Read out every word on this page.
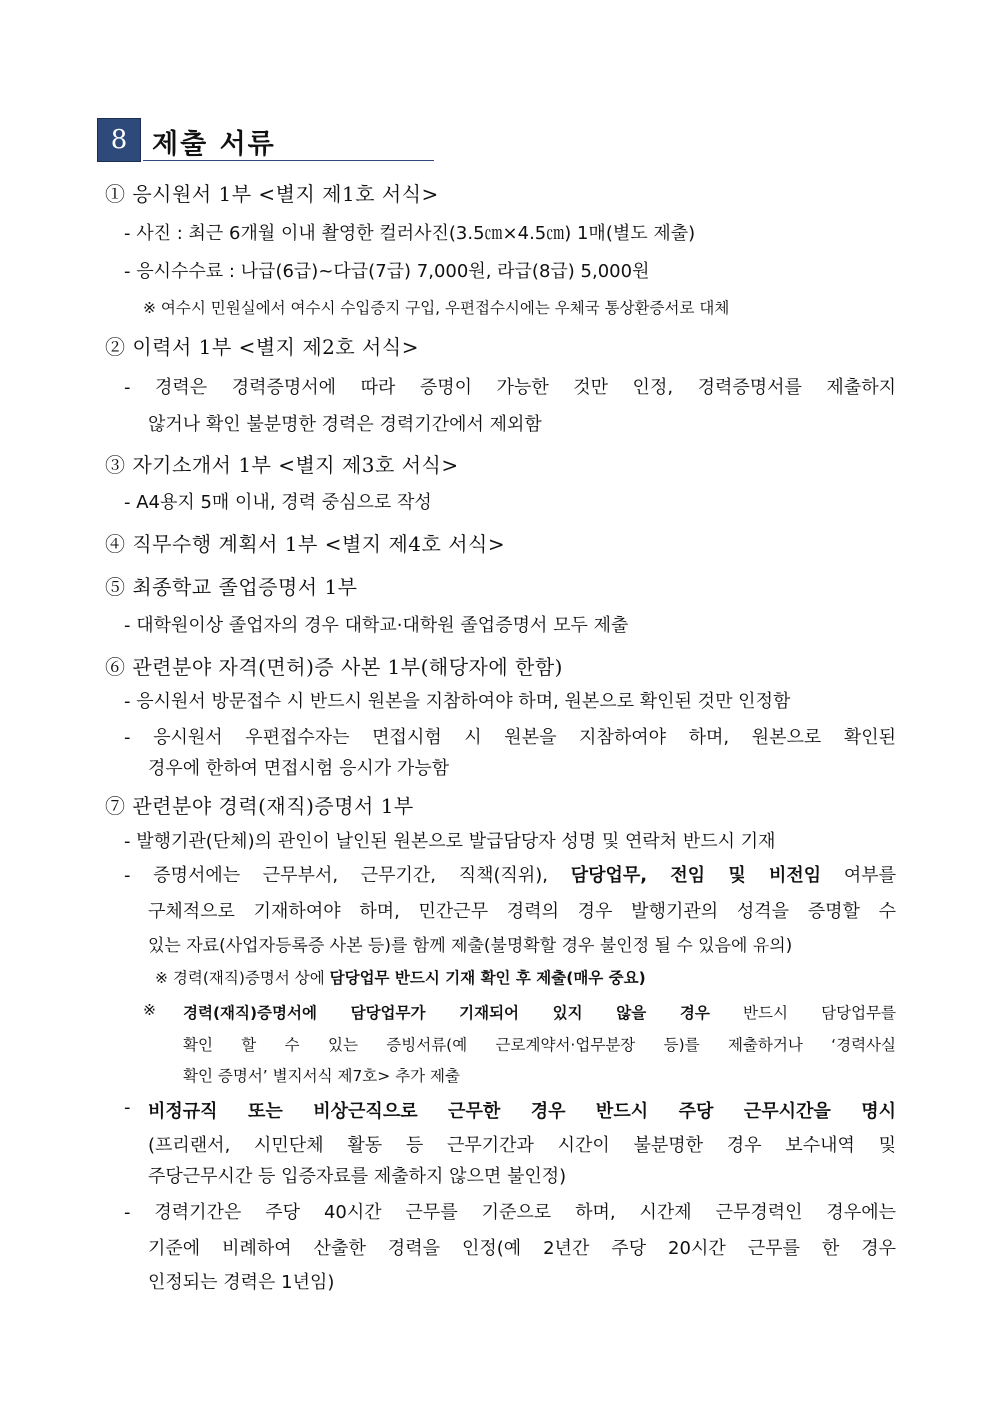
8 제출 서류
① 응시원서 1부 <별지 제1호 서식>
- 사진 : 최근 6개월 이내 촬영한 컬러사진(3.5㎝×4.5㎝) 1매(별도 제출)
- 응시수수료 : 나급(6급)~다급(7급) 7,000원, 라급(8급) 5,000원
※ 여수시 민원실에서 여수시 수입증지 구입, 우편접수시에는 우체국 통상환증서로 대체
② 이력서 1부 <별지 제2호 서식>
- 경력은 경력증명서에 따라 증명이 가능한 것만 인정, 경력증명서를 제출하지
않거나 확인 불분명한 경력은 경력기간에서 제외함
③ 자기소개서 1부 <별지 제3호 서식>
- A4용지 5매 이내, 경력 중심으로 작성
④ 직무수행 계획서 1부 <별지 제4호 서식>
⑤ 최종학교 졸업증명서 1부
- 대학원이상 졸업자의 경우 대학교·대학원 졸업증명서 모두 제출
⑥ 관련분야 자격(면허)증 사본 1부(해당자에 한함)
- 응시원서 방문접수 시 반드시 원본을 지참하여야 하며, 원본으로 확인된 것만 인정함
- 응시원서 우편접수자는 면접시험 시 원본을 지참하여야 하며, 원본으로 확인된
경우에 한하여 면접시험 응시가 가능함
⑦ 관련분야 경력(재직)증명서 1부
- 발행기관(단체)의 관인이 날인된 원본으로 발급담당자 성명 및 연락처 반드시 기재
- 증명서에는 근무부서, 근무기간, 직책(직위), 담당업무, 전임 및 비전임 여부를
구체적으로 기재하여야 하며, 민간근무 경력의 경우 발행기관의 성격을 증명할 수
있는 자료(사업자등록증 사본 등)를 함께 제출(불명확할 경우 불인정 될 수 있음에 유의)
※ 경력(재직)증명서 상에 담당업무 반드시 기재 확인 후 제출(매우 중요)
※ 경력(재직)증명서에 담당업무가 기재되어 있지 않을 경우 반드시 담당업무를
확인 할 수 있는 증빙서류(예 근로계약서·업무분장 등)를 제출하거나 ‘경력사실
확인 증명서’ 별지서식 제7호> 추가 제출
- 비정규직 또는 비상근직으로 근무한 경우 반드시 주당 근무시간을 명시
(프리랜서, 시민단체 활동 등 근무기간과 시간이 불분명한 경우 보수내역 및
주당근무시간 등 입증자료를 제출하지 않으면 불인정)
- 경력기간은 주당 40시간 근무를 기준으로 하며, 시간제 근무경력인 경우에는
기준에 비례하여 산출한 경력을 인정(예 2년간 주당 20시간 근무를 한 경우
인정되는 경력은 1년임)
